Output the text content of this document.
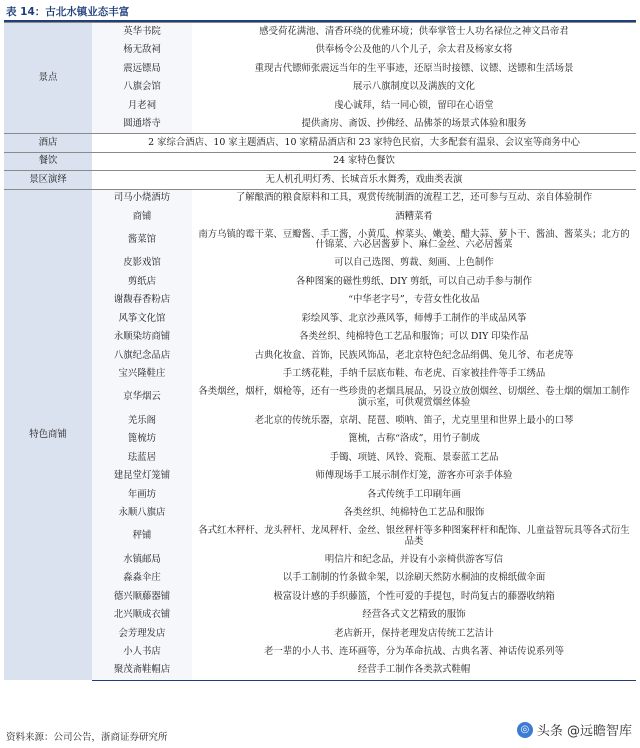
表 14：古北水镇业态丰富
景点	英华书院	感受荷花满池、清香环绕的优雅环境；供奉掌管士人功名禄位之神文昌帝君
	杨无敌祠	供奉杨令公及他的八个儿子，佘太君及杨家女将
	震远镖局	重现古代镖师张震远当年的生平事迹，还原当时接镖、议镖、送镖和生活场景
	八旗会馆	展示八旗制度以及满族的文化
	月老祠	虔心诚拜，结一同心锁，留印在心语堂
	圆通塔寺	提供斋房、斋饭、抄佛经、品佛茶的场景式体验和服务
酒店	2 家综合酒店、10 家主题酒店、10 家精品酒店和 23 家特色民宿，大多配套有温泉、会议室等商务中心	
餐饮	24 家特色餐饮	
景区演绎	无人机孔明灯秀、长城音乐水舞秀，戏曲类表演	
特色商铺	司马小烧酒坊	了解酿酒的粮食原料和工具，观赏传统制酒的流程工艺，还可参与互动、亲自体验制作
	商铺	酒糟菜肴
	酱菜馆	南方乌镇的霉干菜、豆瓣酱、手工酱，小黄瓜、榨菜头、嫩姜、醋大蒜、萝卜干、酱油、酱菜头；北方的什锦菜、六必居酱萝卜、麻仁金丝、六必居酱菜
	皮影戏馆	可以自己选图、剪裁、刻画、上色制作
	剪纸店	各种图案的磁性剪纸、DIY 剪纸，可以自己动手参与制作
	谢馥春香粉店	“中华老字号”，专营女性化妆品
	风筝文化馆	彩绘风筝、北京沙燕风筝，师傅手工制作的半成品风筝
	永顺染坊商铺	各类丝织、纯棉特色工艺品和服饰；可以 DIY 印染作品
	八旗纪念品店	古典化妆盒、首饰，民族风饰品，老北京特色纪念品绢偶、兔儿爷、布老虎等
	宝兴隆鞋庄	手工绣花鞋，手纳千层底布鞋、布老虎、百家被挂件等手工绣品
	京华烟云	各类烟丝，烟杆，烟枪等，还有一些珍贵的老烟具展品，另设立放创烟丝、切烟丝、卷土烟的烟加工制作演示室，可供观赏烟丝体验
	羌乐阁	老北京的传统乐器，京胡、琵琶、唢呐、笛子，尤克里里和世界上最小的口琴
	篦梳坊	篦梳，古称“洛成”，用竹子制成
	珐蓝居	手镯、项链、风铃、瓷瓶、景泰蓝工艺品
	建昆堂灯笼铺	师傅现场手工展示制作灯笼，游客亦可亲手体验
	年画坊	各式传统手工印刷年画
	永顺八旗店	各类丝织、纯棉特色工艺品和服饰
	秤铺	各式红木秤杆、龙头秤杆、龙凤秤杆、金丝、银丝秤杆等多种图案秤杆和配饰、儿童益智玩具等各式衍生品类
	水镇邮局	明信片和纪念品，并设有小亲椅供游客写信
	淼淼伞庄	以手工制制的竹条做伞架，以涂刷天然防水桐油的皮棉纸做伞面
	德兴顺藤器铺	极富设计感的手织藤篮，个性可爱的手提包，时尚复古的藤器收纳箱
	北兴顺成衣铺	经营各式文艺精致的服饰
	会芳理发店	老店新开，保持老理发店传统工艺洁计
	小人书店	老一辈的小人书、连环画等，分为革命抗战、古典名著、神话传说系列等
	聚茂斋鞋帽店	经营手工制作各类款式鞋帽
资料来源：公司公告，浙商证券研究所
◎ 头条 @远瞻智库
